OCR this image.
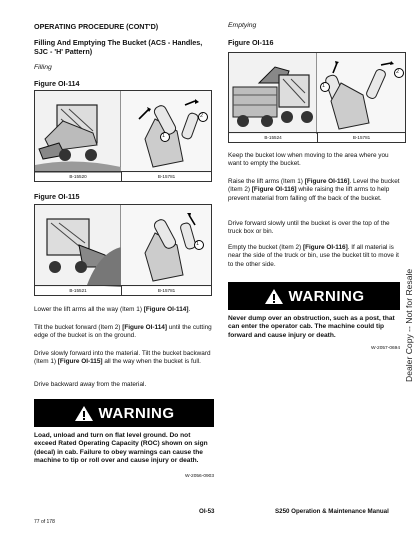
OPERATING PROCEDURE (CONT'D)	Emptying
Filling And Emptying The Bucket (ACS - Handles,
SJC - 'H' Pattern)
Filling
Figure OI-114
1
2
B-15520	B-15781
Figure OI-115
1
B-15521	B-15781
Lower the lift arms all the way (Item 1) [Figure OI-114].
Tilt the bucket forward (Item 2) [Figure OI-114] until the cutting edge of the bucket is on the ground.
Drive slowly forward into the material. Tilt the bucket backward (Item 1) [Figure OI-115] all the way when the bucket is full.
Drive backward away from the material.
WARNING
Load, unload and turn on flat level ground. Do not exceed Rated Operating Capacity (ROC) shown on sign (decal) in cab. Failure to obey warnings can cause the machine to tip or roll over and cause injury or death.
W-2056-0903
Figure OI-116
1
2
B-15524	B-15781
Keep the bucket low when moving to the area where you want to empty the bucket.
Raise the lift arms (Item 1) [Figure OI-116]. Level the bucket (Item 2) [Figure OI-116] while raising the lift arms to help prevent material from falling off the back of the bucket.
Drive forward slowly until the bucket is over the top of the truck box or bin.
Empty the bucket (Item 2) [Figure OI-116]. If all material is near the side of the truck or bin, use the bucket tilt to move it to the other side.
WARNING
Never dump over an obstruction, such as a post, that can enter the operator cab. The machine could tip forward and cause injury or death.
W-2057-0694 Dealer Copy -- Not for Resale
77 of 178
OI-53	S250 Operation & Maintenance Manual
